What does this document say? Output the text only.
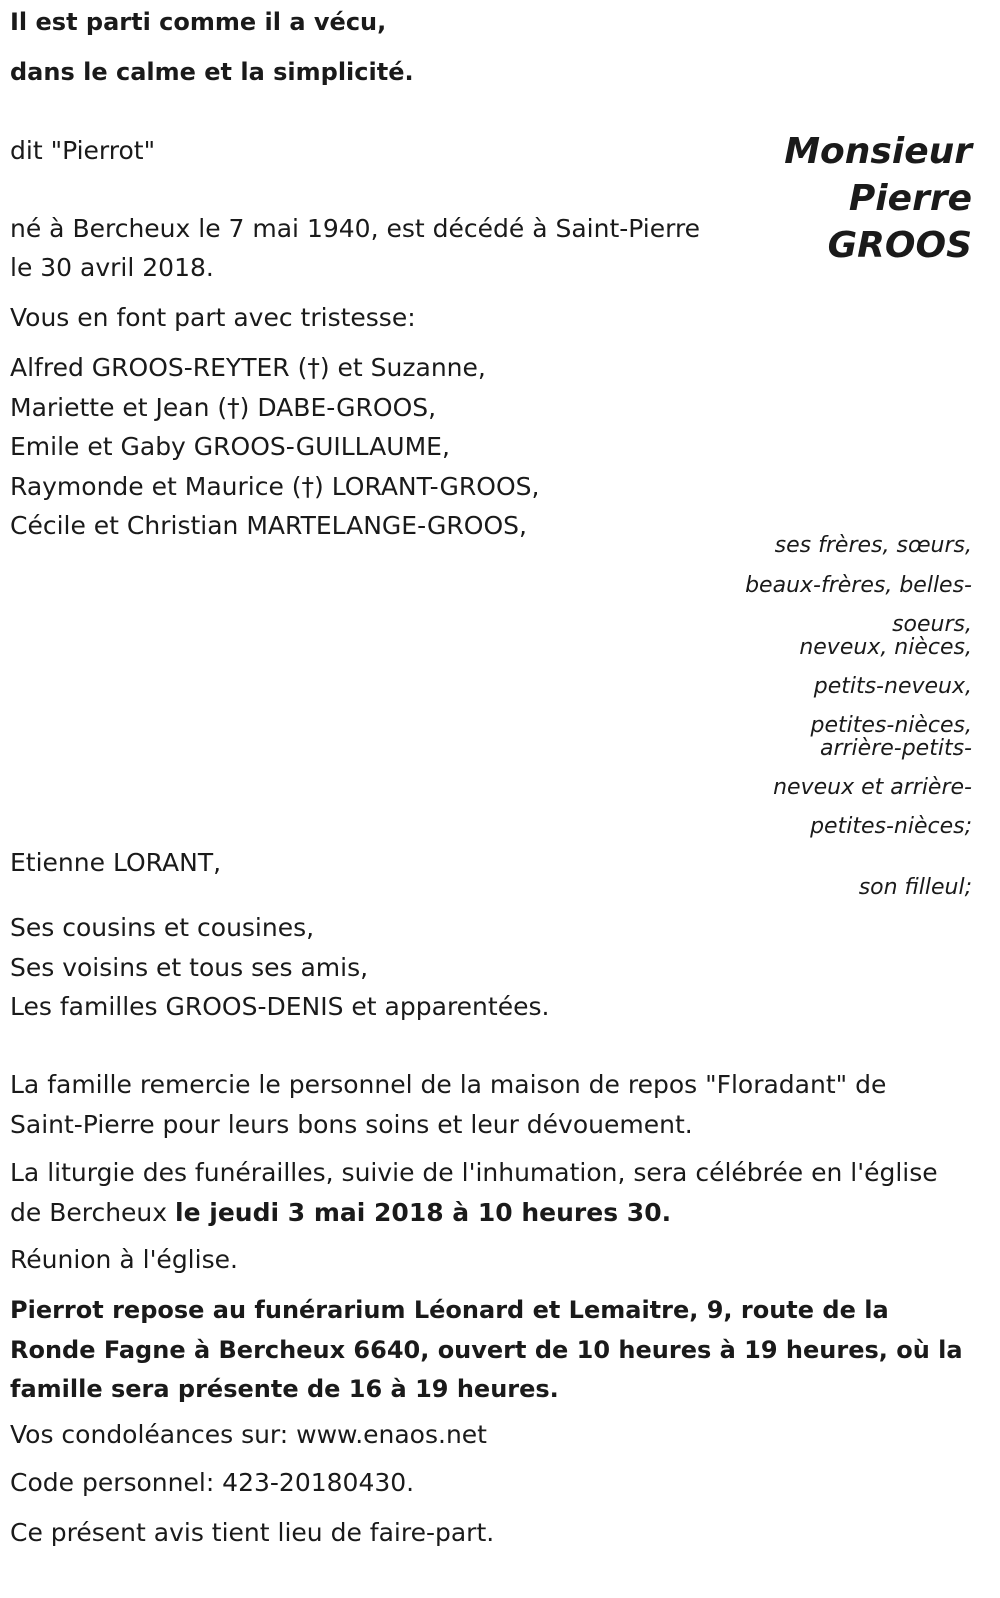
Il est parti comme il a vécu,
dans le calme et la simplicité.
dit "Pierrot"	Monsieur
Pierre
GROOS
né à Bercheux le 7 mai 1940, est décédé à Saint-Pierre
le 30 avril 2018.
Vous en font part avec tristesse:
Alfred GROOS-REYTER (†) et Suzanne,
Mariette et Jean (†) DABE-GROOS,
Emile et Gaby GROOS-GUILLAUME,
Raymonde et Maurice (†) LORANT-GROOS,
Cécile et Christian MARTELANGE-GROOS,
ses frères, sœurs,
beaux-frères, belles-
soeurs,
neveux, nièces,
petits-neveux,
petites-nièces,
arrière-petits-
neveux et arrière-
petites-nièces;
Etienne LORANT,
son filleul;
Ses cousins et cousines,
Ses voisins et tous ses amis,
Les familles GROOS-DENIS et apparentées.
La famille remercie le personnel de la maison de repos "Floradant" de
Saint-Pierre pour leurs bons soins et leur dévouement.
La liturgie des funérailles, suivie de l'inhumation, sera célébrée en l'église
de Bercheux le jeudi 3 mai 2018 à 10 heures 30.
Réunion à l'église.
Pierrot repose au funérarium Léonard et Lemaitre, 9, route de la
Ronde Fagne à Bercheux 6640, ouvert de 10 heures à 19 heures, où la
famille sera présente de 16 à 19 heures.
Vos condoléances sur: www.enaos.net
Code personnel: 423-20180430.
Ce présent avis tient lieu de faire-part.
